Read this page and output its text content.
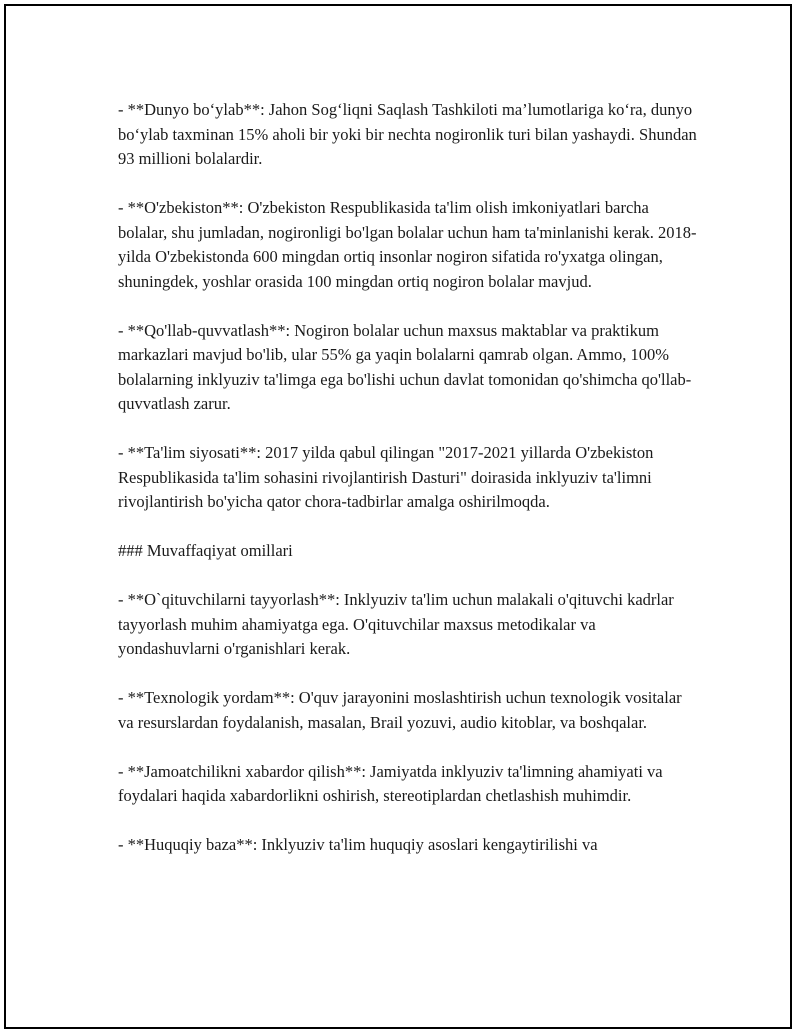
- **Dunyo bo‘ylab**: Jahon Sog‘liqni Saqlash Tashkiloti ma’lumotlariga ko‘ra, dunyo bo‘ylab taxminan 15% aholi bir yoki bir nechta nogironlik turi bilan yashaydi. Shundan 93 millioni bolalardir.

- **O'zbekiston**: O'zbekiston Respublikasida ta'lim olish imkoniyatlari barcha bolalar, shu jumladan, nogironligi bo'lgan bolalar uchun ham ta'minlanishi kerak. 2018-yilda O'zbekistonda 600 mingdan ortiq insonlar nogiron sifatida ro'yxatga olingan, shuningdek, yoshlar orasida 100 mingdan ortiq nogiron bolalar mavjud.

- **Qo'llab-quvvatlash**: Nogiron bolalar uchun maxsus maktablar va praktikum markazlari mavjud bo'lib, ular 55% ga yaqin bolalarni qamrab olgan. Ammo, 100% bolalarning inklyuziv ta'limga ega bo'lishi uchun davlat tomonidan qo'shimcha qo'llab-quvvatlash zarur.

- **Ta'lim siyosati**: 2017 yilda qabul qilingan "2017-2021 yillarda O'zbekiston Respublikasida ta'lim sohasini rivojlantirish Dasturi" doirasida inklyuziv ta'limni rivojlantirish bo'yicha qator chora-tadbirlar amalga oshirilmoqda.

### Muvaffaqiyat omillari

- **O`qituvchilarni tayyorlash**: Inklyuziv ta'lim uchun malakali o'qituvchi kadrlar tayyorlash muhim ahamiyatga ega. O'qituvchilar maxsus metodikalar va yondashuvlarni o'rganishlari kerak.

- **Texnologik yordam**: O'quv jarayonini moslashtirish uchun texnologik vositalar va resurslardan foydalanish, masalan, Brail yozuvi, audio kitoblar, va boshqalar.

- **Jamoatchilikni xabardor qilish**: Jamiyatda inklyuziv ta'limning ahamiyati va foydalari haqida xabardorlikni oshirish, stereotiplardan chetlashish muhimdir.

- **Huquqiy baza**: Inklyuziv ta'lim huquqiy asoslari kengaytirilishi va
